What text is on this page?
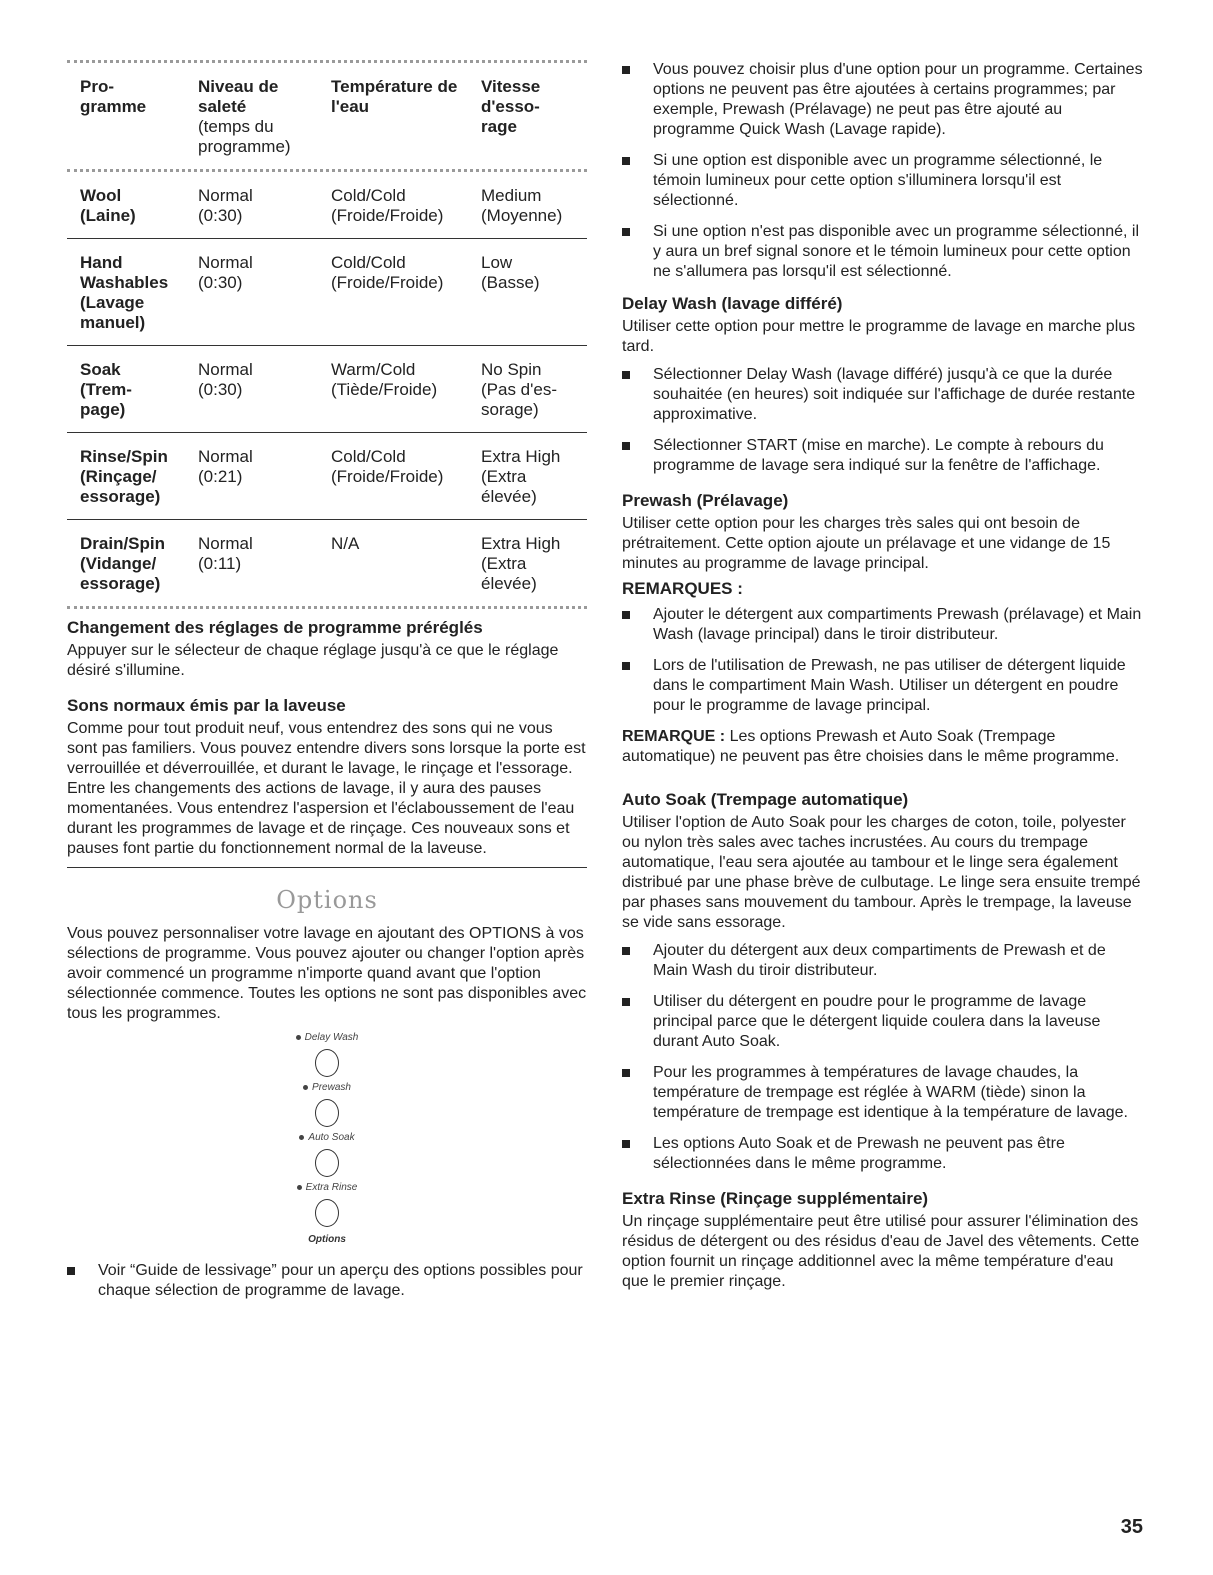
Pro-
gramme
Niveau de
saleté
(temps du
programme)
Température de
l'eau
Vitesse
d'esso-
rage
Wool
(Laine)
Normal
(0:30)
Cold/Cold
(Froide/Froide)
Medium
(Moyenne)
Hand
Washables
(Lavage
manuel)
Normal
(0:30)
Cold/Cold
(Froide/Froide)
Low
(Basse)
Soak
(Trem-
page)
Normal
(0:30)
Warm/Cold
(Tiède/Froide)
No Spin
(Pas d'es-
sorage)
Rinse/Spin
(Rinçage/
essorage)
Normal
(0:21)
Cold/Cold
(Froide/Froide)
Extra High
(Extra
élevée)
Drain/Spin
(Vidange/
essorage)
Normal
(0:11)
N/A	Extra High
(Extra
élevée)
Changement des réglages de programme préréglés

Appuyer sur le sélecteur de chaque réglage jusqu'à ce que le réglage désiré s'illumine.

Sons normaux émis par la laveuse

Comme pour tout produit neuf, vous entendrez des sons qui ne vous sont pas familiers. Vous pouvez entendre divers sons lorsque la porte est verrouillée et déverrouillée, et durant le lavage, le rinçage et l'essorage. Entre les changements des actions de lavage, il y aura des pauses momentanées. Vous entendrez l'aspersion et l'éclaboussement de l'eau durant les programmes de lavage et de rinçage. Ces nouveaux sons et pauses font partie du fonctionnement normal de la laveuse.

Options

Vous pouvez personnaliser votre lavage en ajoutant des OPTIONS à vos sélections de programme. Vous pouvez ajouter ou changer l'option après avoir commencé un programme n'importe quand avant que l'option sélectionnée commence. Toutes les options ne sont pas disponibles avec tous les programmes.

Delay Wash
Prewash
Auto Soak
Extra Rinse
Options
Voir “Guide de lessivage” pour un aperçu des options possibles pour chaque sélection de programme de lavage.
Vous pouvez choisir plus d'une option pour un programme. Certaines options ne peuvent pas être ajoutées à certains programmes; par exemple, Prewash (Prélavage) ne peut pas être ajouté au programme Quick Wash (Lavage rapide).
Si une option est disponible avec un programme sélectionné, le témoin lumineux pour cette option s'illuminera lorsqu'il est sélectionné.
Si une option n'est pas disponible avec un programme sélectionné, il y aura un bref signal sonore et le témoin lumineux pour cette option ne s'allumera pas lorsqu'il est sélectionné.
Delay Wash (lavage différé)

Utiliser cette option pour mettre le programme de lavage en marche plus tard.

Sélectionner Delay Wash (lavage différé) jusqu'à ce que la durée souhaitée (en heures) soit indiquée sur l'affichage de durée restante approximative.
Sélectionner START (mise en marche). Le compte à rebours du programme de lavage sera indiqué sur la fenêtre de l'affichage.
Prewash (Prélavage)

Utiliser cette option pour les charges très sales qui ont besoin de prétraitement. Cette option ajoute un prélavage et une vidange de 15 minutes au programme de lavage principal.

REMARQUES :
Ajouter le détergent aux compartiments Prewash (prélavage) et Main Wash (lavage principal) dans le tiroir distributeur.
Lors de l'utilisation de Prewash, ne pas utiliser de détergent liquide dans le compartiment Main Wash. Utiliser un détergent en poudre pour le programme de lavage principal.

REMARQUE : Les options Prewash et Auto Soak (Trempage automatique) ne peuvent pas être choisies dans le même programme.

Auto Soak (Trempage automatique)

Utiliser l'option de Auto Soak pour les charges de coton, toile, polyester ou nylon très sales avec taches incrustées. Au cours du trempage automatique, l'eau sera ajoutée au tambour et le linge sera également distribué par une phase brève de culbutage. Le linge sera ensuite trempé par phases sans mouvement du tambour. Après le trempage, la laveuse se vide sans essorage.

Ajouter du détergent aux deux compartiments de Prewash et de Main Wash du tiroir distributeur.
Utiliser du détergent en poudre pour le programme de lavage principal parce que le détergent liquide coulera dans la laveuse durant Auto Soak.
Pour les programmes à températures de lavage chaudes, la température de trempage est réglée à WARM (tiède) sinon la température de trempage est identique à la température de lavage.
Les options Auto Soak et de Prewash ne peuvent pas être sélectionnées dans le même programme.
Extra Rinse (Rinçage supplémentaire)

Un rinçage supplémentaire peut être utilisé pour assurer l'élimination des résidus de détergent ou des résidus d'eau de Javel des vêtements. Cette option fournit un rinçage additionnel avec la même température d'eau que le premier rinçage.

35
